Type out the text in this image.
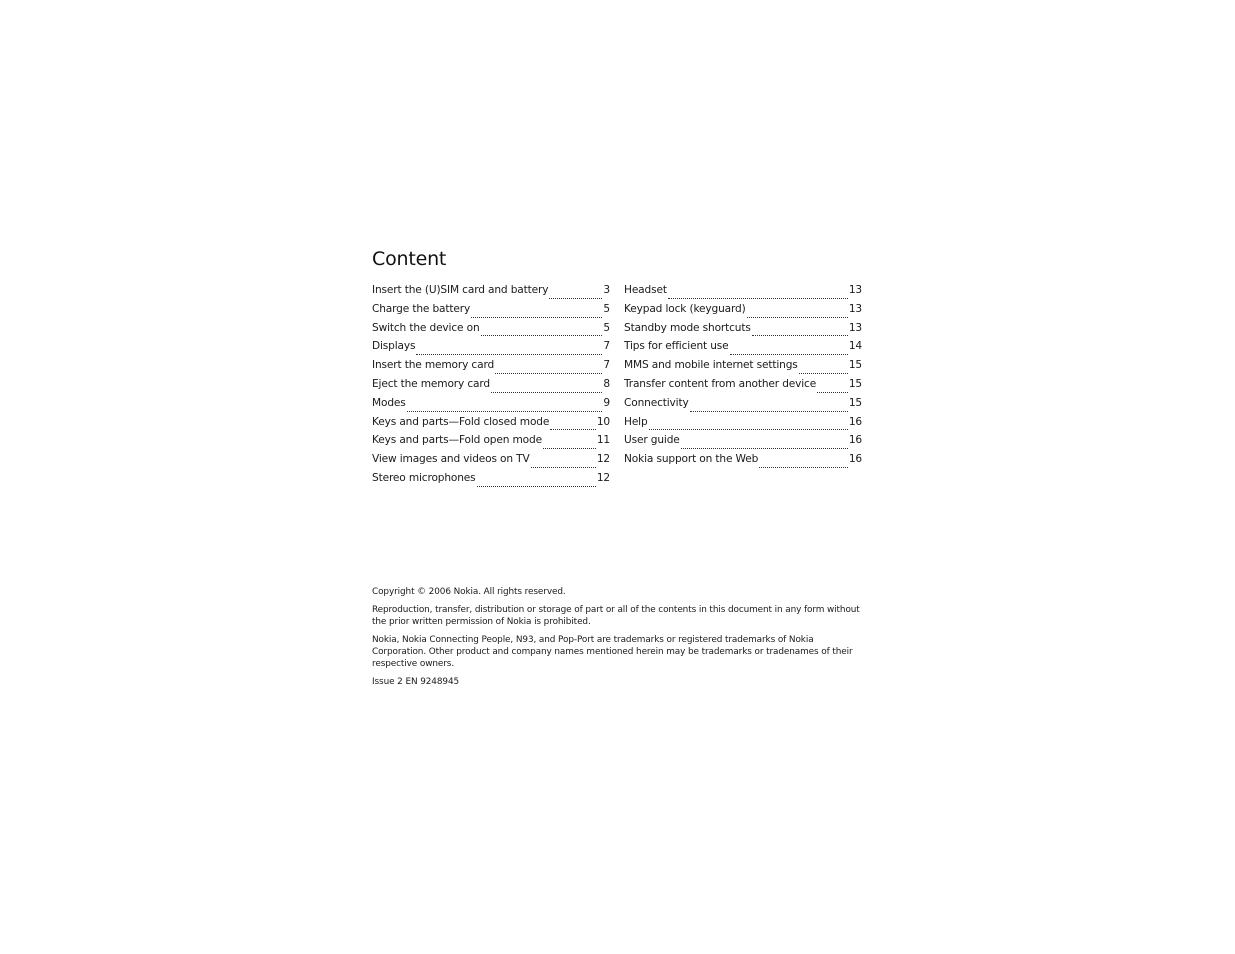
Content
Insert the (U)SIM card and battery	3
Charge the battery	5
Switch the device on	5
Displays	7
Insert the memory card	7
Eject the memory card	8
Modes	9
Keys and parts—Fold closed mode	10
Keys and parts—Fold open mode	11
View images and videos on TV	12
Stereo microphones	12
Headset	13
Keypad lock (keyguard)	13
Standby mode shortcuts	13
Tips for efficient use	14
MMS and mobile internet settings	15
Transfer content from another device	15
Connectivity	15
Help	16
User guide	16
Nokia support on the Web	16

Copyright © 2006 Nokia. All rights reserved.

Reproduction, transfer, distribution or storage of part or all of the contents in this document in any form without the prior written permission of Nokia is prohibited.

Nokia, Nokia Connecting People, N93, and Pop-Port are trademarks or registered trademarks of Nokia Corporation. Other product and company names mentioned herein may be trademarks or tradenames of their respective owners.

Issue 2 EN 9248945
